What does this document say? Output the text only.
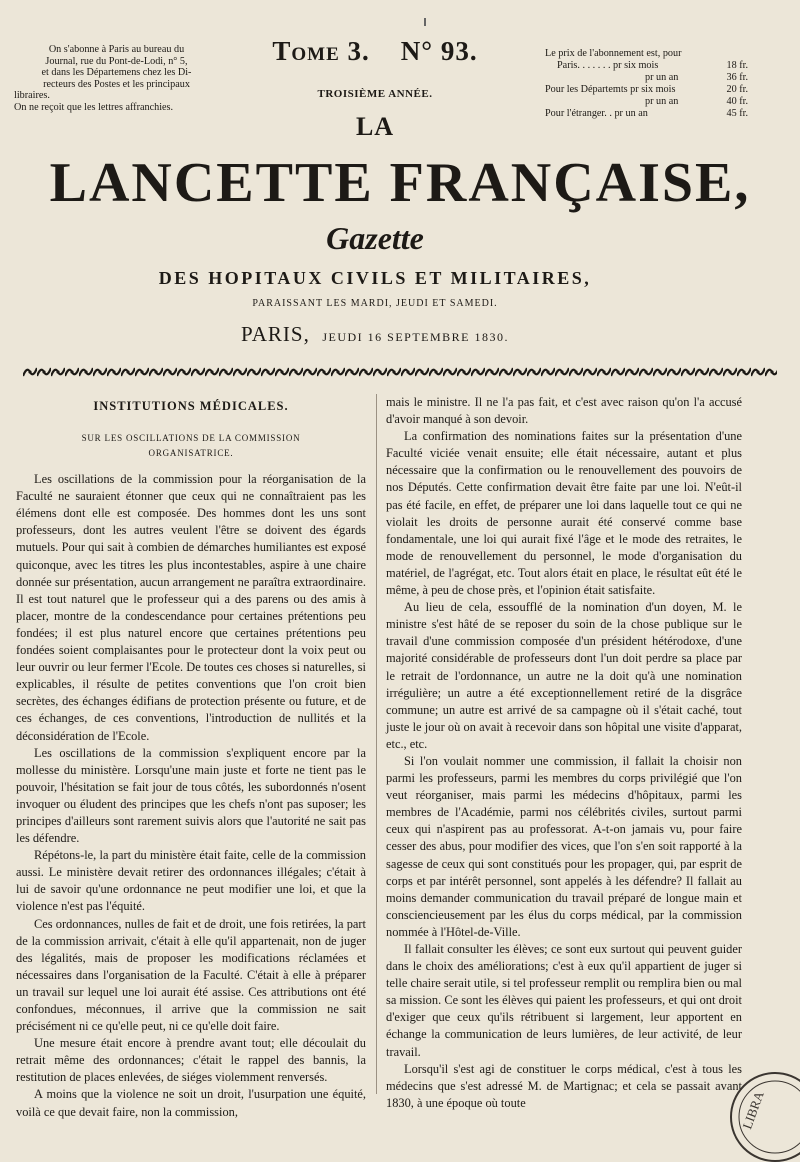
On s'abonne à Paris au bureau du
Journal, rue du Pont-de-Lodi, n° 5,
et dans les Départemens chez les Di-
recteurs des Postes et les principaux
libraires.
On ne reçoit que les lettres affranchies.
Tome 3. N° 93.
TROISIÈME ANNÉE.
Le prix de l'abonnement est, pour
Paris. . . . . . . pr six mois	18 fr.
pr un an	36 fr.
Pour les Départemts pr six mois	20 fr.
pr un an	40 fr.
Pour l'étranger. . pr un an	45 fr.
LA
LANCETTE FRANÇAISE,
Gazette
DES HOPITAUX CIVILS ET MILITAIRES,
PARAISSANT LES MARDI, JEUDI ET SAMEDI.
PARIS, JEUDI 16 SEPTEMBRE 1830.
INSTITUTIONS MÉDICALES.
SUR LES OSCILLATIONS DE LA COMMISSION
ORGANISATRICE.

Les oscillations de la commission pour la réorganisation de la Faculté ne sauraient étonner que ceux qui ne connaîtraient pas les élémens dont elle est composée. Des hommes dont les uns sont professeurs, dont les autres veulent l'être se doivent des égards mutuels. Pour qui sait à combien de démarches humiliantes est exposé quiconque, avec les titres les plus incontestables, aspire à une chaire donnée sur présentation, aucun arrangement ne paraîtra extraordinaire. Il est tout naturel que le professeur qui a des parens ou des amis à placer, montre de la condescendance pour certaines prétentions peu fondées; il est plus naturel encore que certaines prétentions peu fondées soient complaisantes pour le protecteur dont la voix peut ou leur ouvrir ou leur fermer l'Ecole. De toutes ces choses si naturelles, si explicables, il résulte de petites conventions que l'on croit bien secrètes, des échanges édifians de protection présente ou future, et de ces échanges, de ces conventions, l'introduction de nullités et la déconsidération de l'Ecole.

Les oscillations de la commission s'expliquent encore par la mollesse du ministère. Lorsqu'une main juste et forte ne tient pas le pouvoir, l'hésitation se fait jour de tous côtés, les subordonnés n'osent invoquer ou éludent des principes que les chefs n'ont pas suposer; les principes d'ailleurs sont rarement suivis alors que l'autorité ne sait pas les défendre.

Répétons-le, la part du ministère était faite, celle de la commission aussi. Le ministère devait retirer des ordonnances illégales; c'était à lui de savoir qu'une ordonnance ne peut modifier une loi, et que la violence n'est pas l'équité.

Ces ordonnances, nulles de fait et de droit, une fois retirées, la part de la commission arrivait, c'était à elle qu'il appartenait, non de juger des légalités, mais de proposer les modifications réclamées et nécessaires dans l'organisation de la Faculté. C'était à elle à préparer un travail sur lequel une loi aurait été assise. Ces attributions ont été confondues, méconnues, il arrive que la commission ne sait précisément ni ce qu'elle peut, ni ce qu'elle doit faire.

Une mesure était encore à prendre avant tout; elle découlait du retrait même des ordonnances; c'était le rappel des bannis, la restitution de places enlevées, de siéges violemment renversés.

A moins que la violence ne soit un droit, l'usurpation une équité, voilà ce que devait faire, non la commission,

mais le ministre. Il ne l'a pas fait, et c'est avec raison qu'on l'a accusé d'avoir manqué à son devoir.

La confirmation des nominations faites sur la présentation d'une Faculté viciée venait ensuite; elle était nécessaire, autant et plus nécessaire que la confirmation ou le renouvellement des pouvoirs de nos Députés. Cette confirmation devait être faite par une loi. N'eût-il pas été facile, en effet, de préparer une loi dans laquelle tout ce qui ne violait les droits de personne aurait été conservé comme base fondamentale, une loi qui aurait fixé l'âge et le mode des retraites, le mode de renouvellement du personnel, le mode d'organisation du matériel, de l'agrégat, etc. Tout alors était en place, le résultat eût été le même, à peu de chose près, et l'opinion était satisfaite.

Au lieu de cela, essoufflé de la nomination d'un doyen, M. le ministre s'est hâté de se reposer du soin de la chose publique sur le travail d'une commission composée d'un président hétérodoxe, d'une majorité considérable de professeurs dont l'un doit perdre sa place par le retrait de l'ordonnance, un autre ne la doit qu'à une nomination irrégulière; un autre a été exceptionnellement retiré de la disgrâce commune; un autre est arrivé de sa campagne où il s'était caché, tout juste le jour où on avait à recevoir dans son hôpital une visite d'apparat, etc., etc.

Si l'on voulait nommer une commission, il fallait la choisir non parmi les professeurs, parmi les membres du corps privilégié que l'on veut réorganiser, mais parmi les médecins d'hôpitaux, parmi les membres de l'Académie, parmi nos célébrités civiles, surtout parmi ceux qui n'aspirent pas au professorat. A-t-on jamais vu, pour faire cesser des abus, pour modifier des vices, que l'on s'en soit rapporté à la sagesse de ceux qui sont constitués pour les propager, qui, par esprit de corps et par intérêt personnel, sont appelés à les défendre? Il fallait au moins demander communication du travail préparé de longue main et consciencieusement par les élus du corps médical, par la commission nommée à l'Hôtel-de-Ville.

Il fallait consulter les élèves; ce sont eux surtout qui peuvent guider dans le choix des améliorations; c'est à eux qu'il appartient de juger si telle chaire serait utile, si tel professeur remplit ou remplira bien ou mal sa mission. Ce sont les élèves qui paient les professeurs, et qui ont droit d'exiger que ceux qu'ils rétribuent si largement, leur apportent en échange la communication de leurs lumières, de leur activité, de leur travail.

Lorsqu'il s'est agi de constituer le corps médical, c'est à tous les médecins que s'est adressé M. de Martignac; et cela se passait avant 1830, à une époque où toute	LIBRA
